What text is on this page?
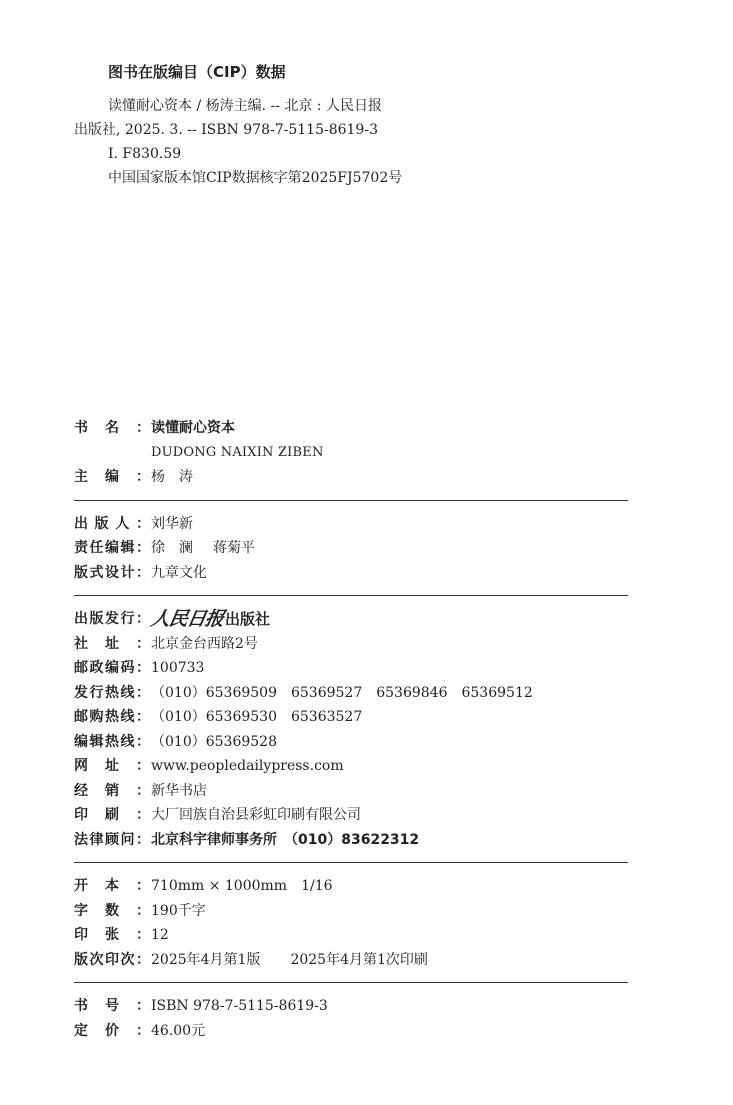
图书在版编目（CIP）数据
读懂耐心资本 / 杨涛主编. -- 北京 : 人民日报
出版社, 2025. 3. -- ISBN 978-7-5115-8619-3
Ⅰ. F830.59
中国国家版本馆CIP数据核字第2025FJ5702号
书 名 ： 读懂耐心资本
DUDONG NAIXIN ZIBEN
主 编 ： 杨　涛
出 版 人 ： 刘华新
责 任 编 辑 ： 徐　澜 蒋菊平
版 式 设 计 ： 九章文化
出 版 发 行 ： 人民日报 出版社
社 址 ： 北京金台西路2号
邮 政 编 码 ： 100733
发 行 热 线 ： （010）65369509　65369527　65369846　65369512
邮 购 热 线 ： （010）65369530　65363527
编 辑 热 线 ： （010）65369528
网 址 ： www.peopledailypress.com
经 销 ： 新华书店
印 刷 ： 大厂回族自治县彩虹印刷有限公司
法 律 顾 问 ： 北京科宇律师事务所　（010）83622312
开 本 ： 710mm × 1000mm　1/16
字 数 ： 190千字
印 张 ： 12
版 次 印 次 ： 2025年4月第1版 2025年4月第1次印刷
书 号 ： ISBN 978-7-5115-8619-3
定 价 ： 46.00元
